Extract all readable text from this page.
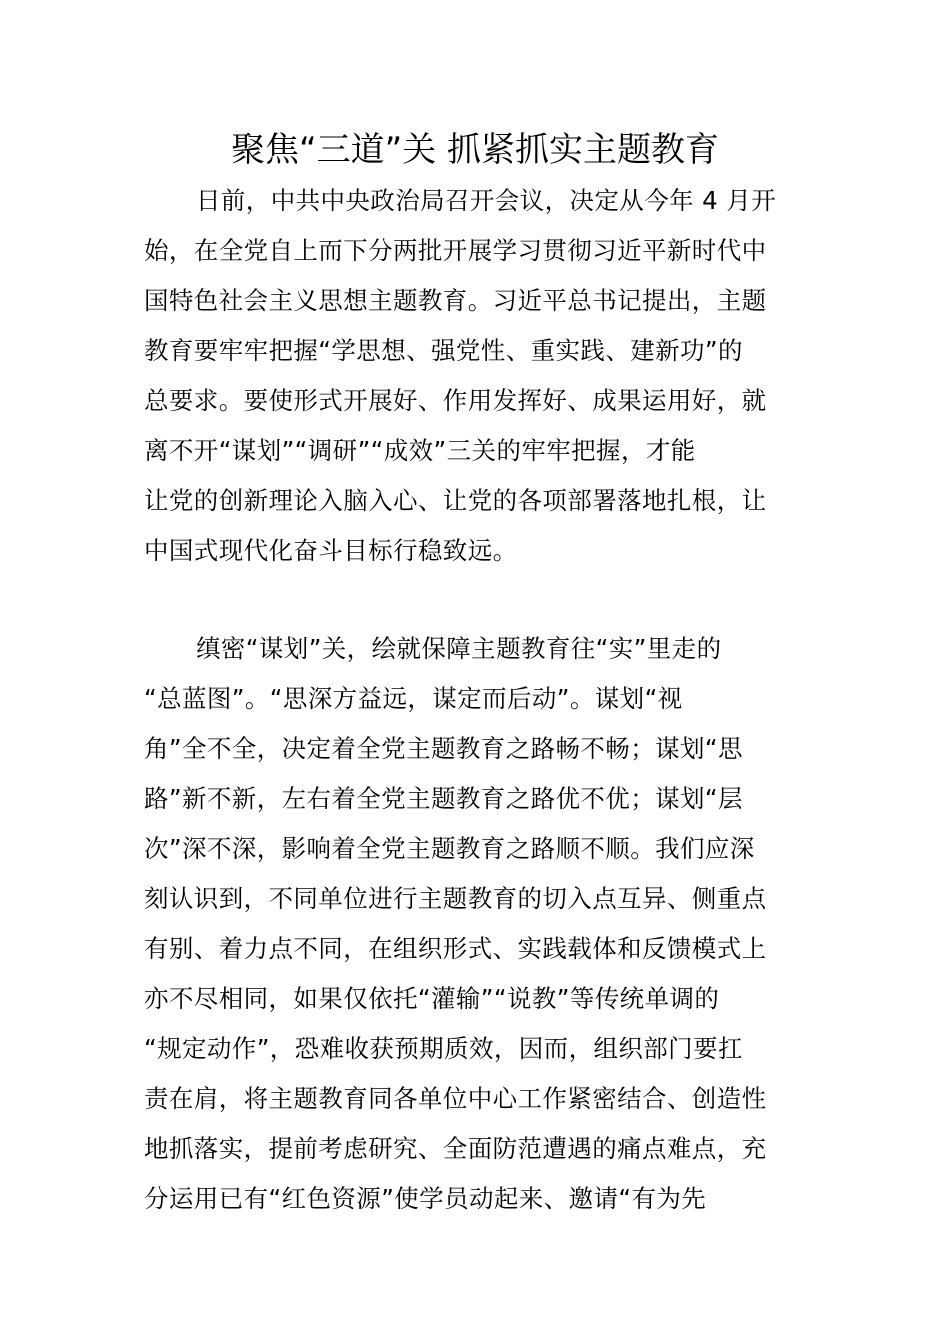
聚焦“三道”关 抓紧抓实主题教育
日前，中共中央政治局召开会议，决定从今年 4 月开
始，在全党自上而下分两批开展学习贯彻习近平新时代中
国特色社会主义思想主题教育。习近平总书记提出，主题
教育要牢牢把握“学思想、强党性、重实践、建新功”的
总要求。要使形式开展好、作用发挥好、成果运用好，就
离不开“谋划”“调研”“成效”三关的牢牢把握，才能
让党的创新理论入脑入心、让党的各项部署落地扎根，让
中国式现代化奋斗目标行稳致远。
缜密“谋划”关，绘就保障主题教育往“实”里走的
“总蓝图”。“思深方益远，谋定而后动”。谋划“视
角”全不全，决定着全党主题教育之路畅不畅；谋划“思
路”新不新，左右着全党主题教育之路优不优；谋划“层
次”深不深，影响着全党主题教育之路顺不顺。我们应深
刻认识到，不同单位进行主题教育的切入点互异、侧重点
有别、着力点不同，在组织形式、实践载体和反馈模式上
亦不尽相同，如果仅依托“灌输”“说教”等传统单调的
“规定动作”，恐难收获预期质效，因而，组织部门要扛
责在肩，将主题教育同各单位中心工作紧密结合、创造性
地抓落实，提前考虑研究、全面防范遭遇的痛点难点，充
分运用已有“红色资源”使学员动起来、邀请“有为先
